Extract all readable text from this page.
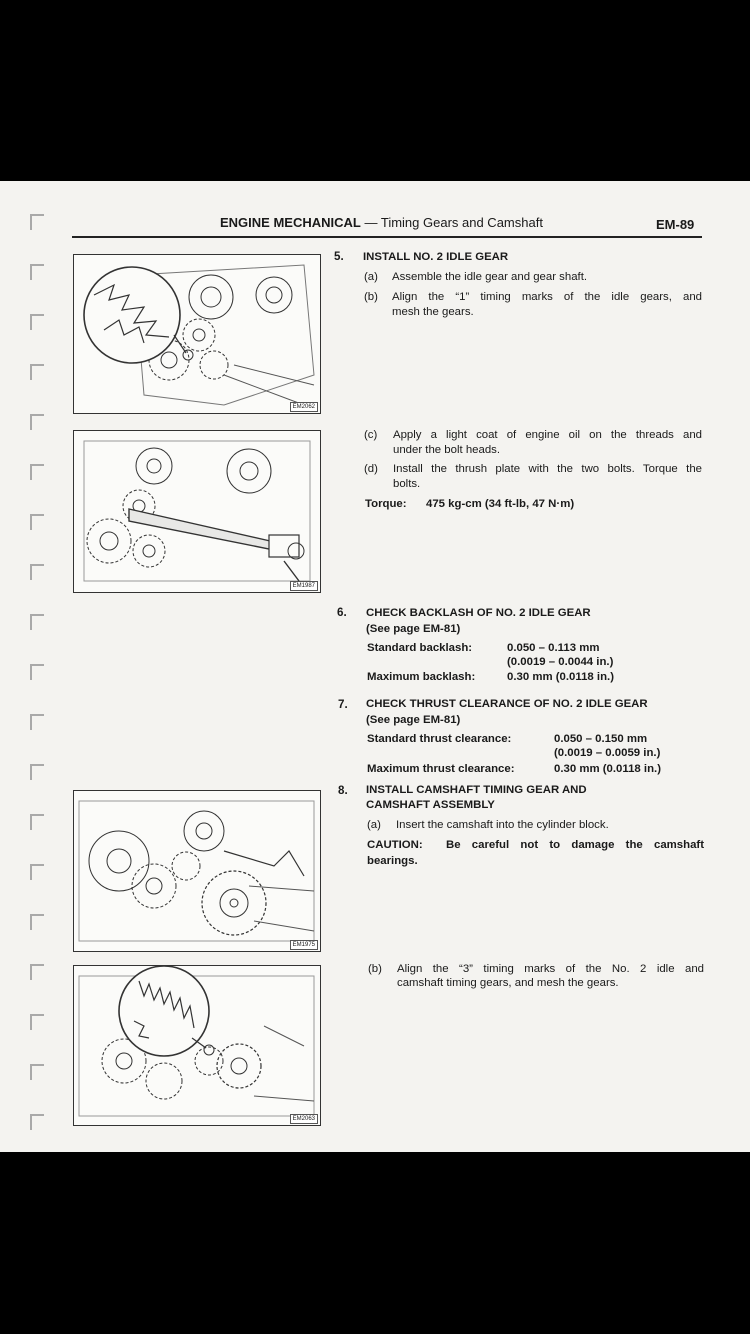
ENGINE MECHANICAL — Timing Gears and Camshaft	EM-89
EM2062
EM1987
EM1975
EM2063
5. INSTALL NO. 2 IDLE GEAR
(a) Assemble the idle gear and gear shaft.
(b) Align the “1” timing marks of the idle gears, and
mesh the gears.
(c) Apply a light coat of engine oil on the threads and
under the bolt heads.
(d) Install the thrush plate with the two bolts. Torque the
bolts.
Torque: 475 kg-cm (34 ft-lb, 47 N·m)
6. CHECK BACKLASH OF NO. 2 IDLE GEAR
(See page EM-81)
Standard backlash:	0.050 – 0.113 mm
(0.0019 – 0.0044 in.)
Maximum backlash:	0.30 mm (0.0118 in.)
7. CHECK THRUST CLEARANCE OF NO. 2 IDLE GEAR
(See page EM-81)
Standard thrust clearance:	0.050 – 0.150 mm
(0.0019 – 0.0059 in.)
Maximum thrust clearance:	0.30 mm (0.0118 in.)
8. INSTALL CAMSHAFT TIMING GEAR AND
CAMSHAFT ASSEMBLY
(a) Insert the camshaft into the cylinder block.
CAUTION: Be careful not to damage the camshaft
bearings.
(b) Align the “3” timing marks of the No. 2 idle and
camshaft timing gears, and mesh the gears.
